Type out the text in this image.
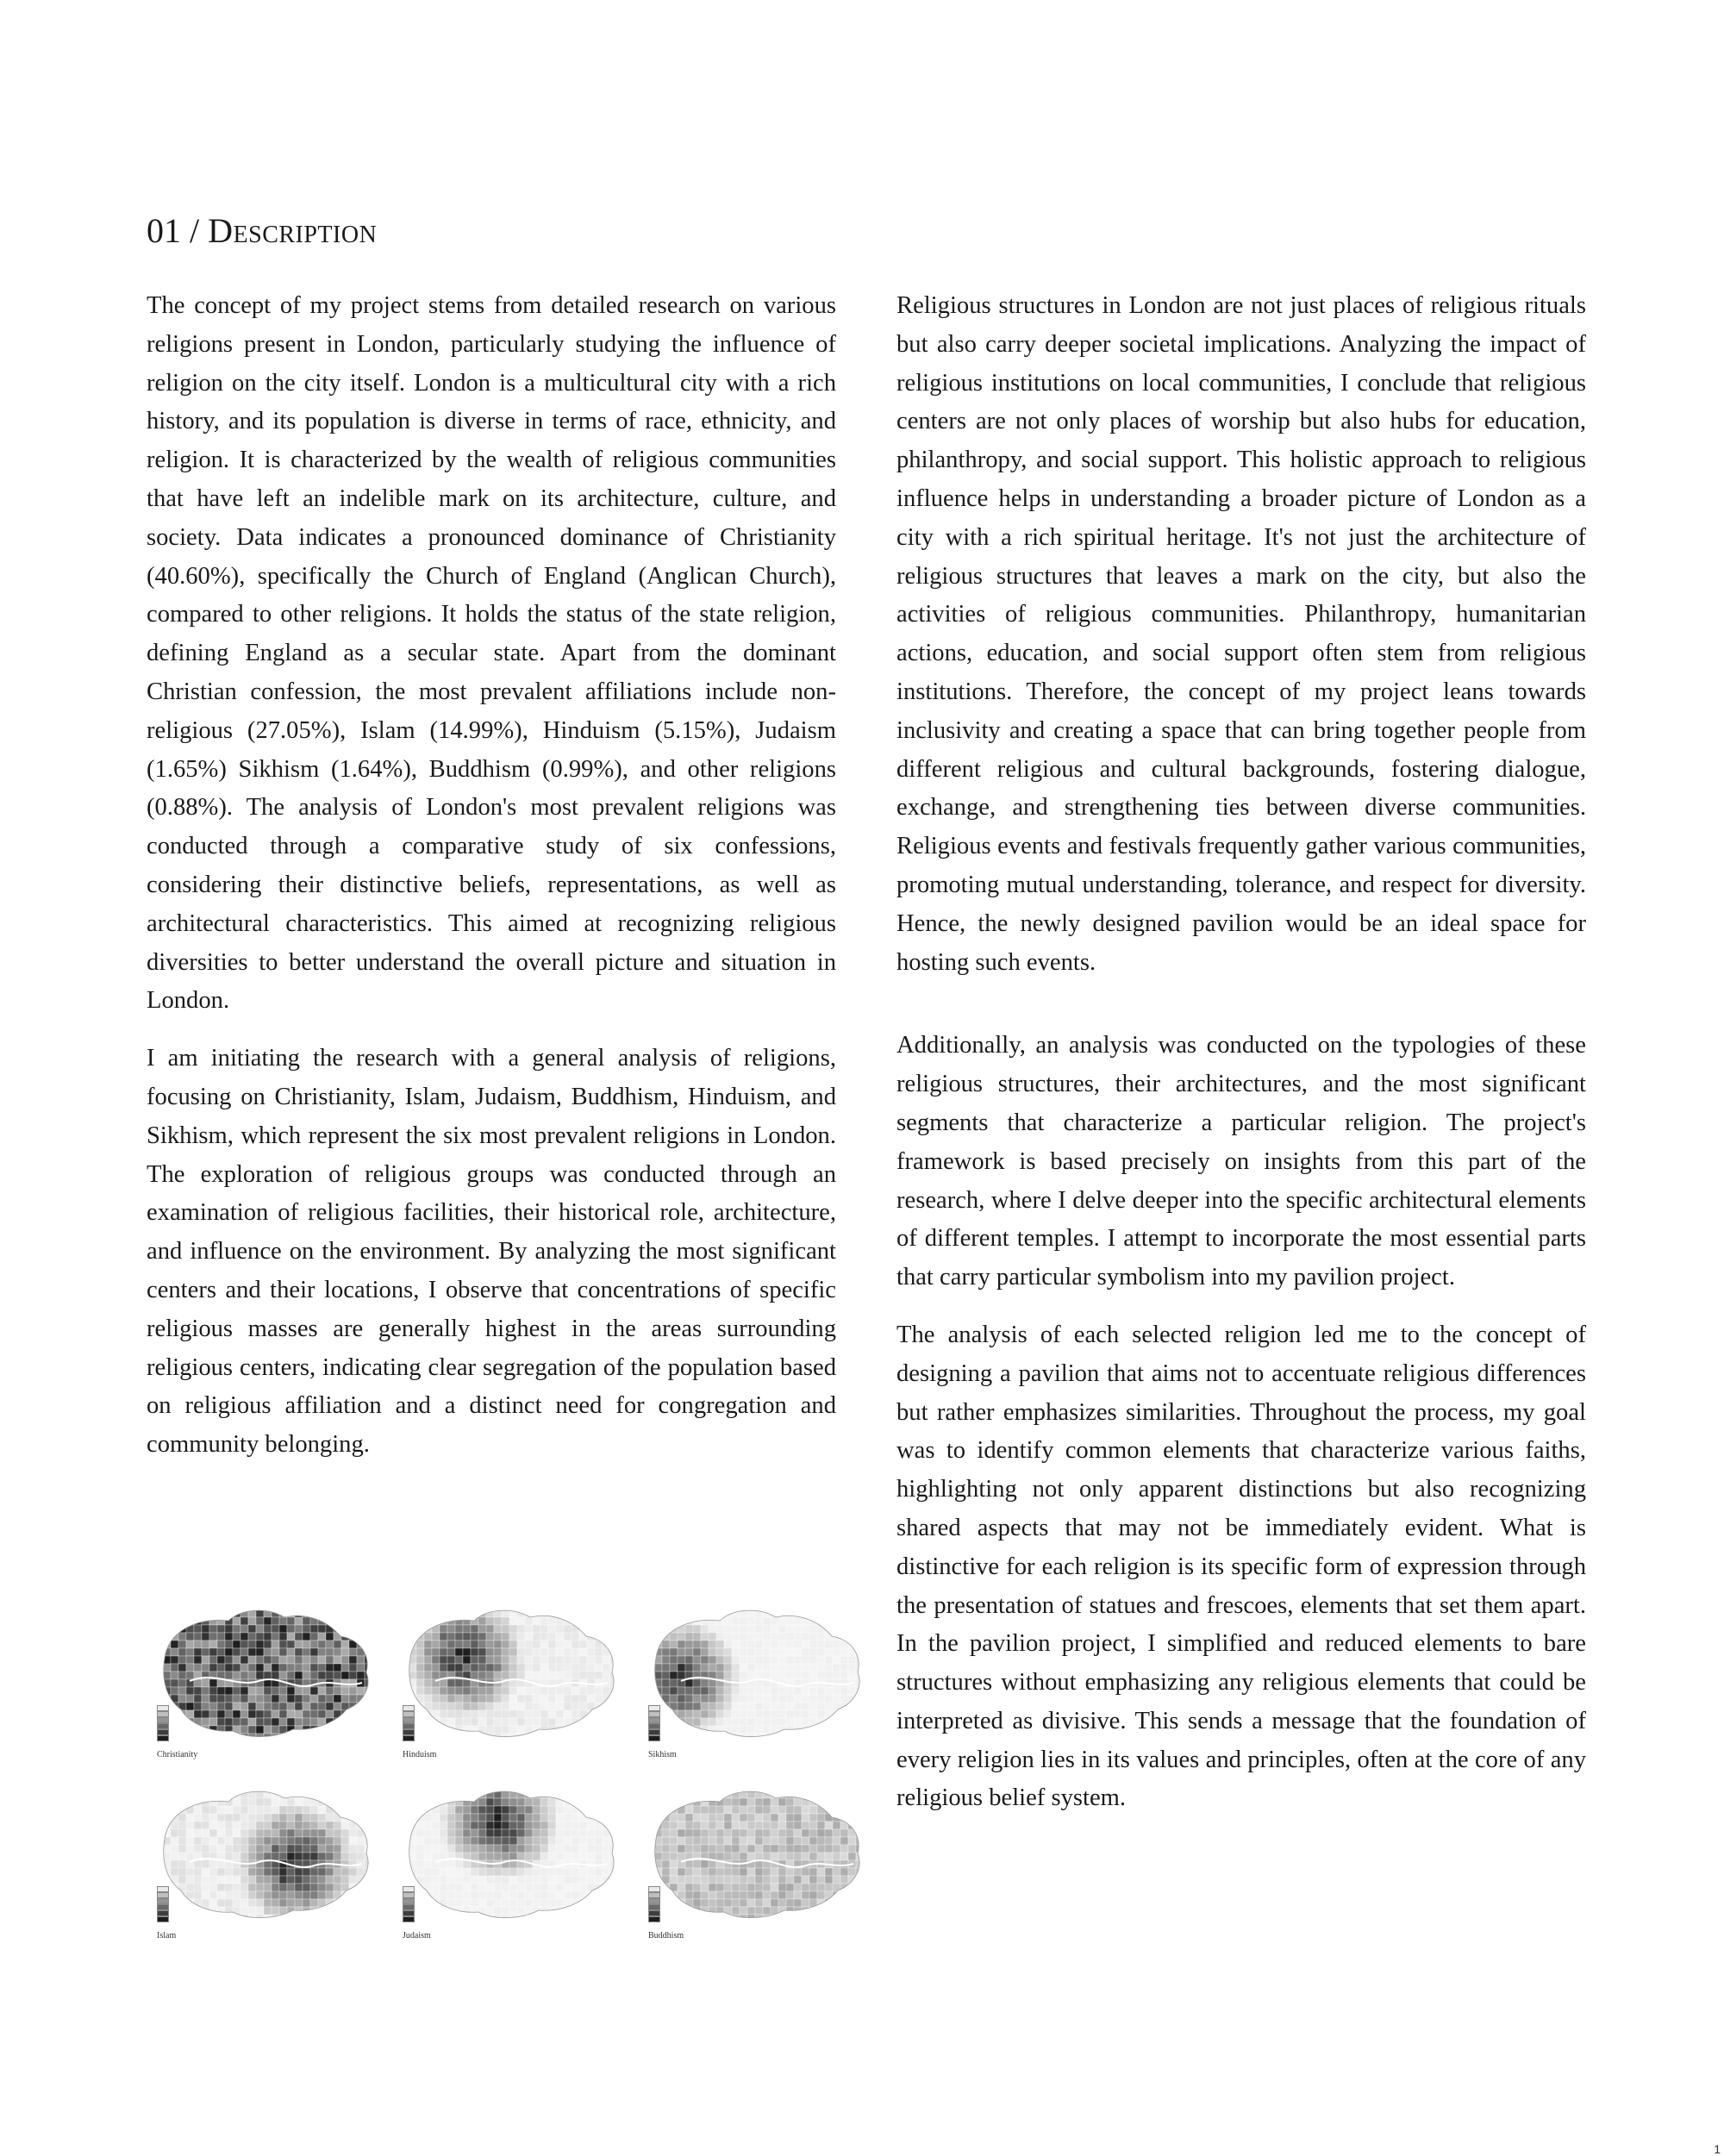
01 / Description

The concept of my project stems from detailed research on various religions present in London, particularly studying the influence of religion on the city itself. London is a multicultural city with a rich history, and its population is diverse in terms of race, ethnicity, and religion. It is characterized by the wealth of religious communities that have left an indelible mark on its architecture, culture, and society. Data indicates a pronounced dominance of Christianity (40.60%), specifically the Church of England (Anglican Church), compared to other religions. It holds the status of the state religion, defining England as a secular state. Apart from the dominant Christian confession, the most prevalent affiliations include non-religious (27.05%), Islam (14.99%), Hinduism (5.15%), Judaism (1.65%) Sikhism (1.64%), Buddhism (0.99%), and other religions (0.88%). The analysis of London's most prevalent religions was conducted through a comparative study of six confessions, considering their distinctive beliefs, representations, as well as architectural characteristics. This aimed at recognizing religious diversities to better understand the overall picture and situation in London.

I am initiating the research with a general analysis of religions, focusing on Christianity, Islam, Judaism, Buddhism, Hinduism, and Sikhism, which represent the six most prevalent religions in London. The exploration of religious groups was conducted through an examination of religious facilities, their historical role, architecture, and influence on the environment. By analyzing the most significant centers and their locations, I observe that concentrations of specific religious masses are generally highest in the areas surrounding religious centers, indicating clear segregation of the population based on religious affiliation and a distinct need for congregation and community belonging.

Religious structures in London are not just places of religious rituals but also carry deeper societal implications. Analyzing the impact of religious institutions on local communities, I conclude that religious centers are not only places of worship but also hubs for education, philanthropy, and social support. This holistic approach to religious influence helps in understanding a broader picture of London as a city with a rich spiritual heritage. It's not just the architecture of religious structures that leaves a mark on the city, but also the activities of religious communities. Philanthropy, humanitarian actions, education, and social support often stem from religious institutions. Therefore, the concept of my project leans towards inclusivity and creating a space that can bring together people from different religious and cultural backgrounds, fostering dialogue, exchange, and strengthening ties between diverse communities. Religious events and festivals frequently gather various communities, promoting mutual understanding, tolerance, and respect for diversity. Hence, the newly designed pavilion would be an ideal space for hosting such events.

Additionally, an analysis was conducted on the typologies of these religious structures, their architectures, and the most significant segments that characterize a particular religion. The project's framework is based precisely on insights from this part of the research, where I delve deeper into the specific architectural elements of different temples. I attempt to incorporate the most essential parts that carry particular symbolism into my pavilion project.

The analysis of each selected religion led me to the concept of designing a pavilion that aims not to accentuate religious differences but rather emphasizes similarities. Throughout the process, my goal was to identify common elements that characterize various faiths, highlighting not only apparent distinctions but also recognizing shared aspects that may not be immediately evident. What is distinctive for each religion is its specific form of expression through the presentation of statues and frescoes, elements that set them apart. In the pavilion project, I simplified and reduced elements to bare structures without emphasizing any religious elements that could be interpreted as divisive. This sends a message that the foundation of every religion lies in its values and principles, often at the core of any religious belief system.

Christianity	Hinduism	Sikhism
Islam	Judaism	Buddhism
1
